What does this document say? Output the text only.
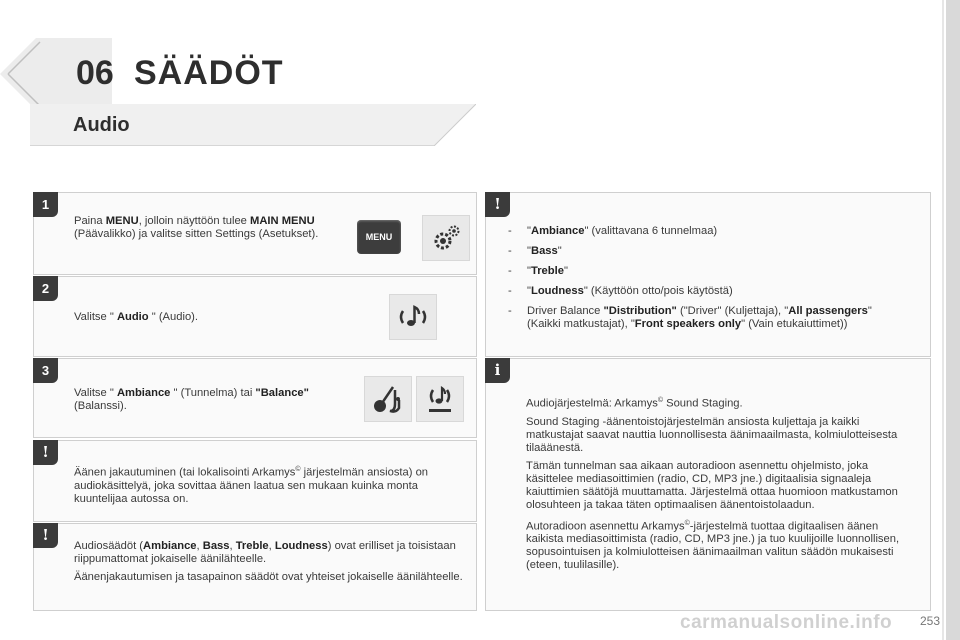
06 SÄÄDÖT
Audio
1
Paina MENU, jolloin näyttöön tulee MAIN MENU (Päävalikko) ja valitse sitten Settings (Asetukset).	MENU
2
Valitse " Audio " (Audio).
3
Valitse " Ambiance " (Tunnelma) tai "Balance" (Balanssi).
!
Äänen jakautuminen (tai lokalisointi Arkamys© järjestelmän ansiosta) on audiokäsittelyä, joka sovittaa äänen laatua sen mukaan kuinka monta kuuntelijaa autossa on.
!

Audiosäädöt (Ambiance, Bass, Treble, Loudness) ovat erilliset ja toisistaan riippumattomat jokaiselle äänilähteelle.

Äänenjakautumisen ja tasapainon säädöt ovat yhteiset jokaiselle äänilähteelle.

!
- "Ambiance" (valittavana 6 tunnelmaa)
- "Bass"
- "Treble"
- "Loudness" (Käyttöön otto/pois käytöstä)
- Driver Balance "Distribution" ("Driver" (Kuljettaja), "All passengers" (Kaikki matkustajat), "Front speakers only" (Vain etukaiuttimet))
i

Audiojärjestelmä: Arkamys© Sound Staging.

Sound Staging -äänentoistojärjestelmän ansiosta kuljettaja ja kaikki matkustajat saavat nauttia luonnollisesta äänimaailmasta, kolmiulotteisesta tilaäänestä.

Tämän tunnelman saa aikaan autoradioon asennettu ohjelmisto, joka käsittelee mediasoittimien (radio, CD, MP3 jne.) digitaalisia signaaleja kaiuttimien säätöjä muuttamatta. Järjestelmä ottaa huomioon matkustamon olosuhteen ja takaa täten optimaalisen äänentoistolaadun.

Autoradioon asennettu Arkamys©-järjestelmä tuottaa digitaalisen äänen kaikista mediasoittimista (radio, CD, MP3 jne.) ja tuo kuulijoille luonnollisen, sopusointuisen ja kolmiulotteisen äänimaailman valitun säädön mukaisesti (eteen, tuulilasille).

253
carmanualsonline.info
